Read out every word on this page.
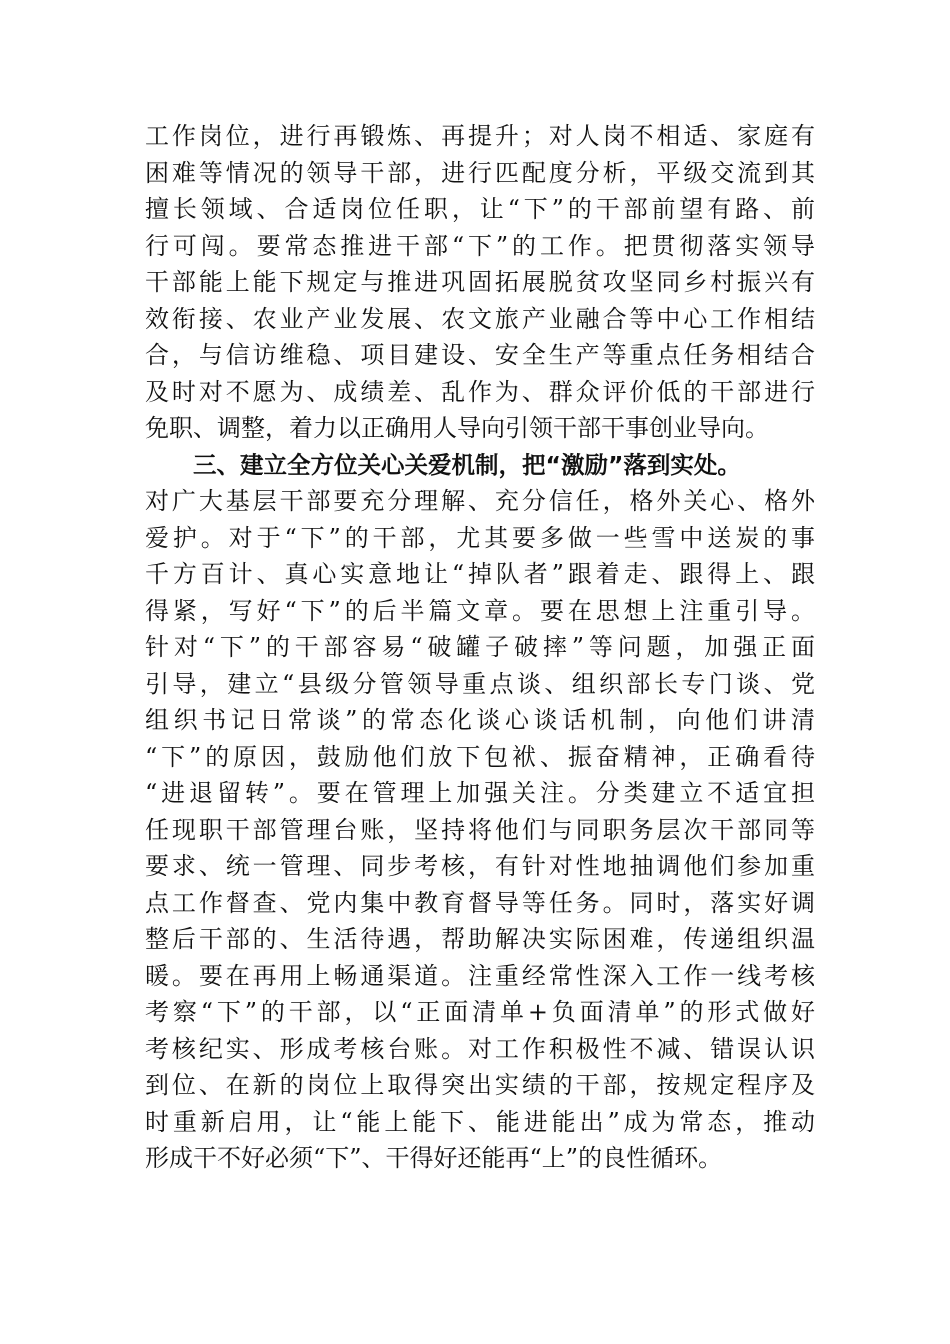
工作岗位，进行再锻炼、再提升；对人岗不相适、家庭有
困难等情况的领导干部，进行匹配度分析，平级交流到其
擅长领域、合适岗位任职，让“下”的干部前望有路、前
行可闯。要常态推进干部“下”的工作。把贯彻落实领导
干部能上能下规定与推进巩固拓展脱贫攻坚同乡村振兴有
效衔接、农业产业发展、农文旅产业融合等中心工作相结
合，与信访维稳、项目建设、安全生产等重点任务相结合
及时对不愿为、成绩差、乱作为、群众评价低的干部进行
免职、调整，着力以正确用人导向引领干部干事创业导向。
三、建立全方位关心关爱机制，把“激励”落到实处。
对广大基层干部要充分理解、充分信任，格外关心、格外
爱护。对于“下”的干部，尤其要多做一些雪中送炭的事
千方百计、真心实意地让“掉队者”跟着走、跟得上、跟
得紧，写好“下”的后半篇文章。要在思想上注重引导。
针对“下”的干部容易“破罐子破摔”等问题，加强正面
引导，建立“县级分管领导重点谈、组织部长专门谈、党
组织书记日常谈”的常态化谈心谈话机制，向他们讲清
“下”的原因，鼓励他们放下包袱、振奋精神，正确看待
“进退留转”。要在管理上加强关注。分类建立不适宜担
任现职干部管理台账，坚持将他们与同职务层次干部同等
要求、统一管理、同步考核，有针对性地抽调他们参加重
点工作督查、党内集中教育督导等任务。同时，落实好调
整后干部的、生活待遇，帮助解决实际困难，传递组织温
暖。要在再用上畅通渠道。注重经常性深入工作一线考核
考察“下”的干部，以“正面清单+负面清单”的形式做好
考核纪实、形成考核台账。对工作积极性不减、错误认识
到位、在新的岗位上取得突出实绩的干部，按规定程序及
时重新启用，让“能上能下、能进能出”成为常态，推动
形成干不好必须“下”、干得好还能再“上”的良性循环。
